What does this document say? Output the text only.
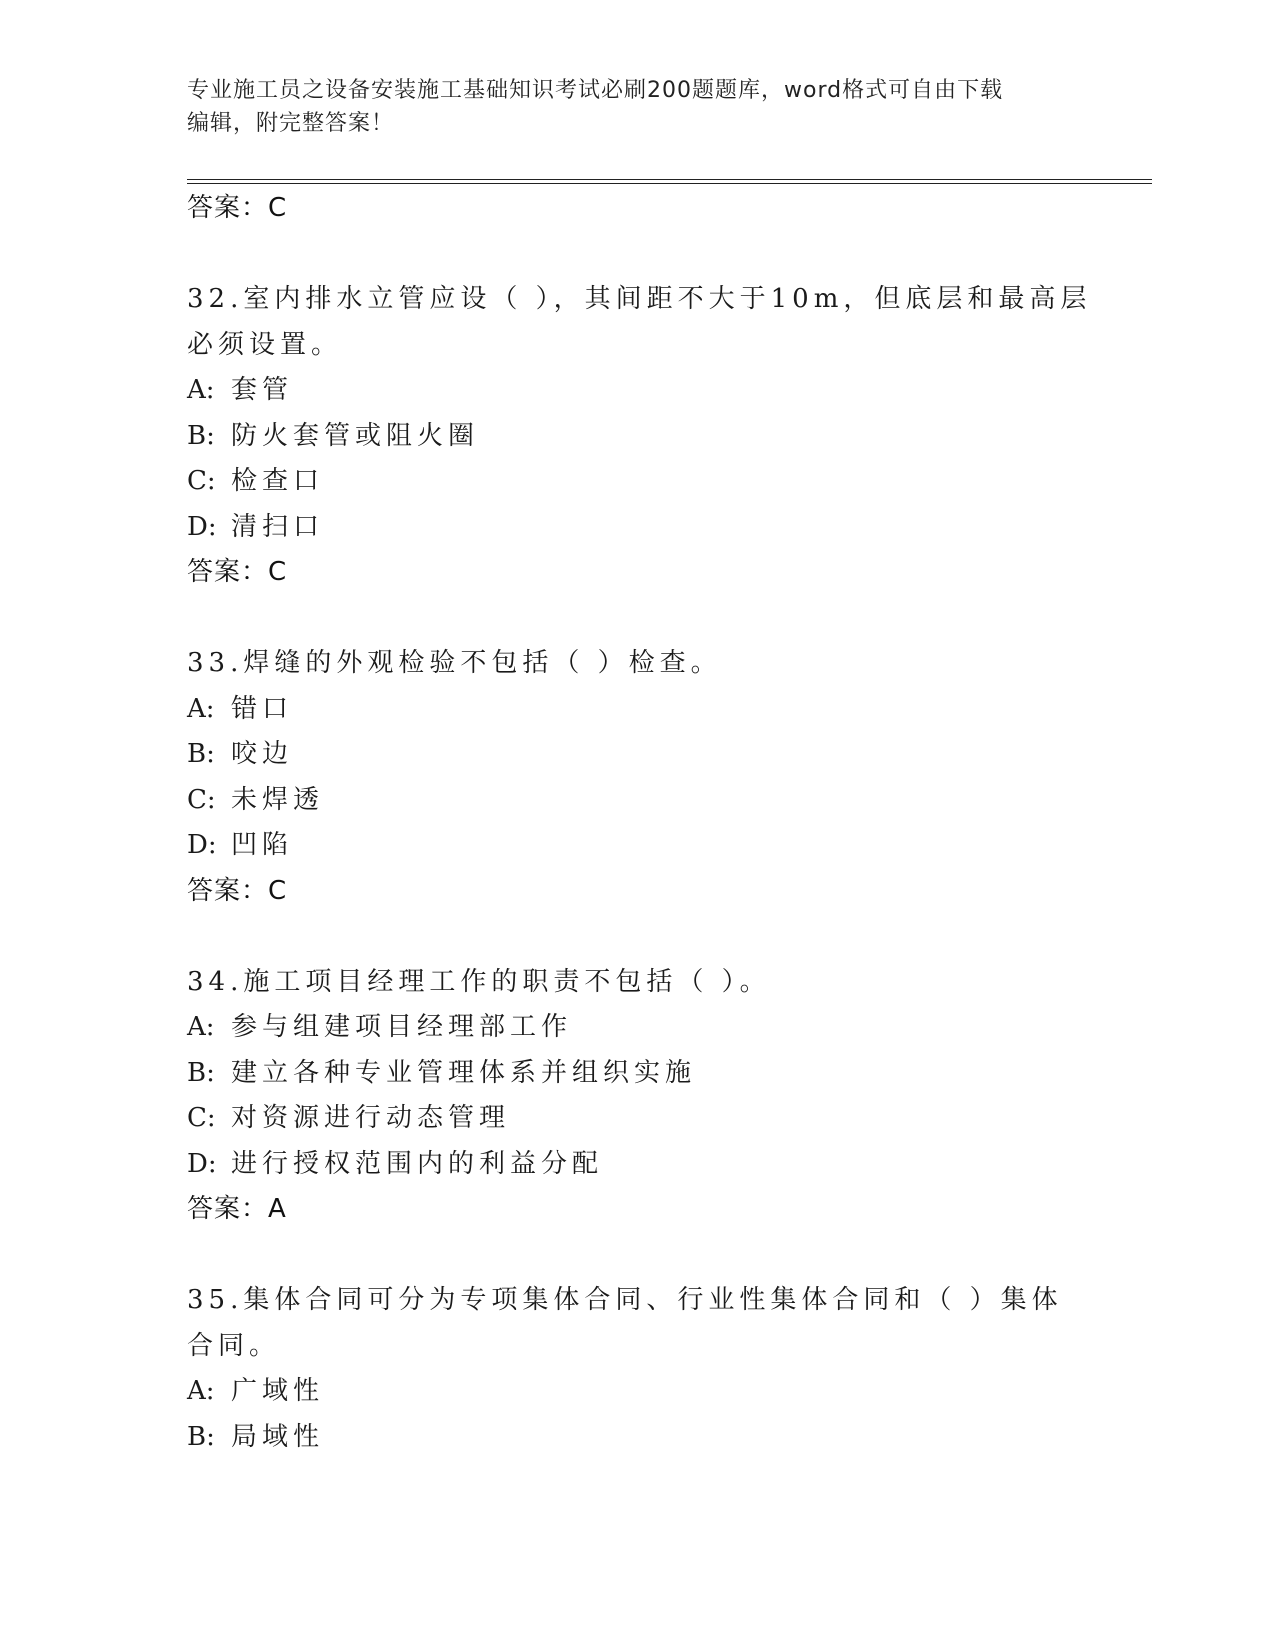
专业施工员之设备安装施工基础知识考试必刷200题题库，word格式可自由下载
编辑，附完整答案！
答案：C
32.室内排水立管应设（ ），其间距不大于10m，但底层和最高层必须设置。
A: 套管
B: 防火套管或阻火圈
C: 检查口
D: 清扫口
答案：C
33.焊缝的外观检验不包括（ ）检查。
A: 错口
B: 咬边
C: 未焊透
D: 凹陷
答案：C
34.施工项目经理工作的职责不包括（ ）。
A: 参与组建项目经理部工作
B: 建立各种专业管理体系并组织实施
C: 对资源进行动态管理
D: 进行授权范围内的利益分配
答案：A
35.集体合同可分为专项集体合同、行业性集体合同和（ ）集体合同。
A: 广域性
B: 局域性
